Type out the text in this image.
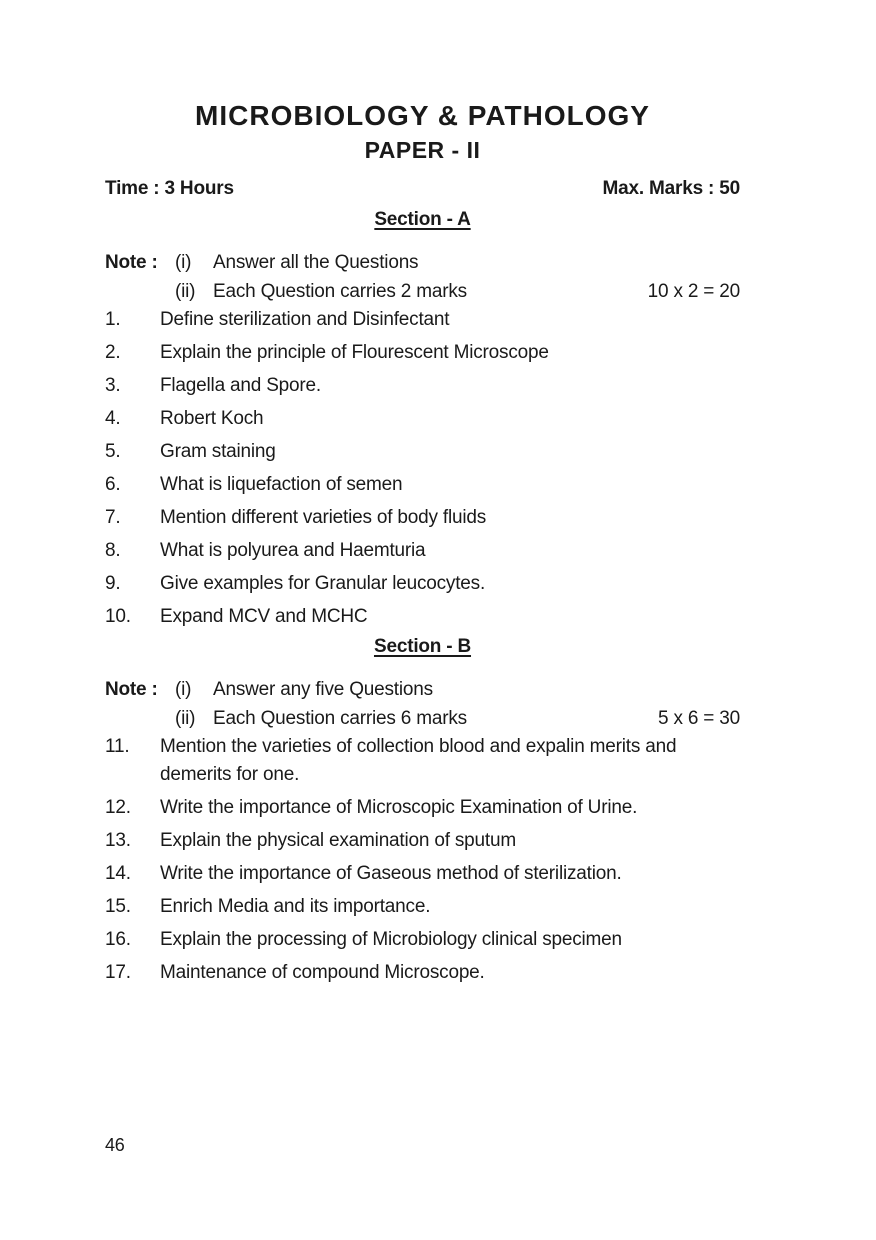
MICROBIOLOGY & PATHOLOGY
PAPER - II
Time : 3 Hours	Max. Marks : 50
Section - A
Note : (i)	Answer all the Questions
(ii) Each Question carries 2 marks	10 x 2 = 20
1.	Define sterilization and Disinfectant
2.	Explain the principle of Flourescent Microscope
3.	Flagella and Spore.
4.	Robert Koch
5.	Gram staining
6.	What is liquefaction of semen
7.	Mention different varieties of body fluids
8.	What is polyurea and Haemturia
9.	Give examples for Granular leucocytes.
10.	Expand MCV and MCHC
Section - B
Note : (i)	Answer any five Questions
(ii) Each Question carries 6 marks	5 x 6 = 30
11.	Mention the varieties of collection blood and expalin merits and demerits for one.
12.	Write the importance of Microscopic Examination of Urine.
13.	Explain the physical examination of sputum
14.	Write the importance of Gaseous method of sterilization.
15.	Enrich Media and its importance.
16.	Explain the processing of Microbiology clinical specimen
17.	Maintenance of compound Microscope.
46
